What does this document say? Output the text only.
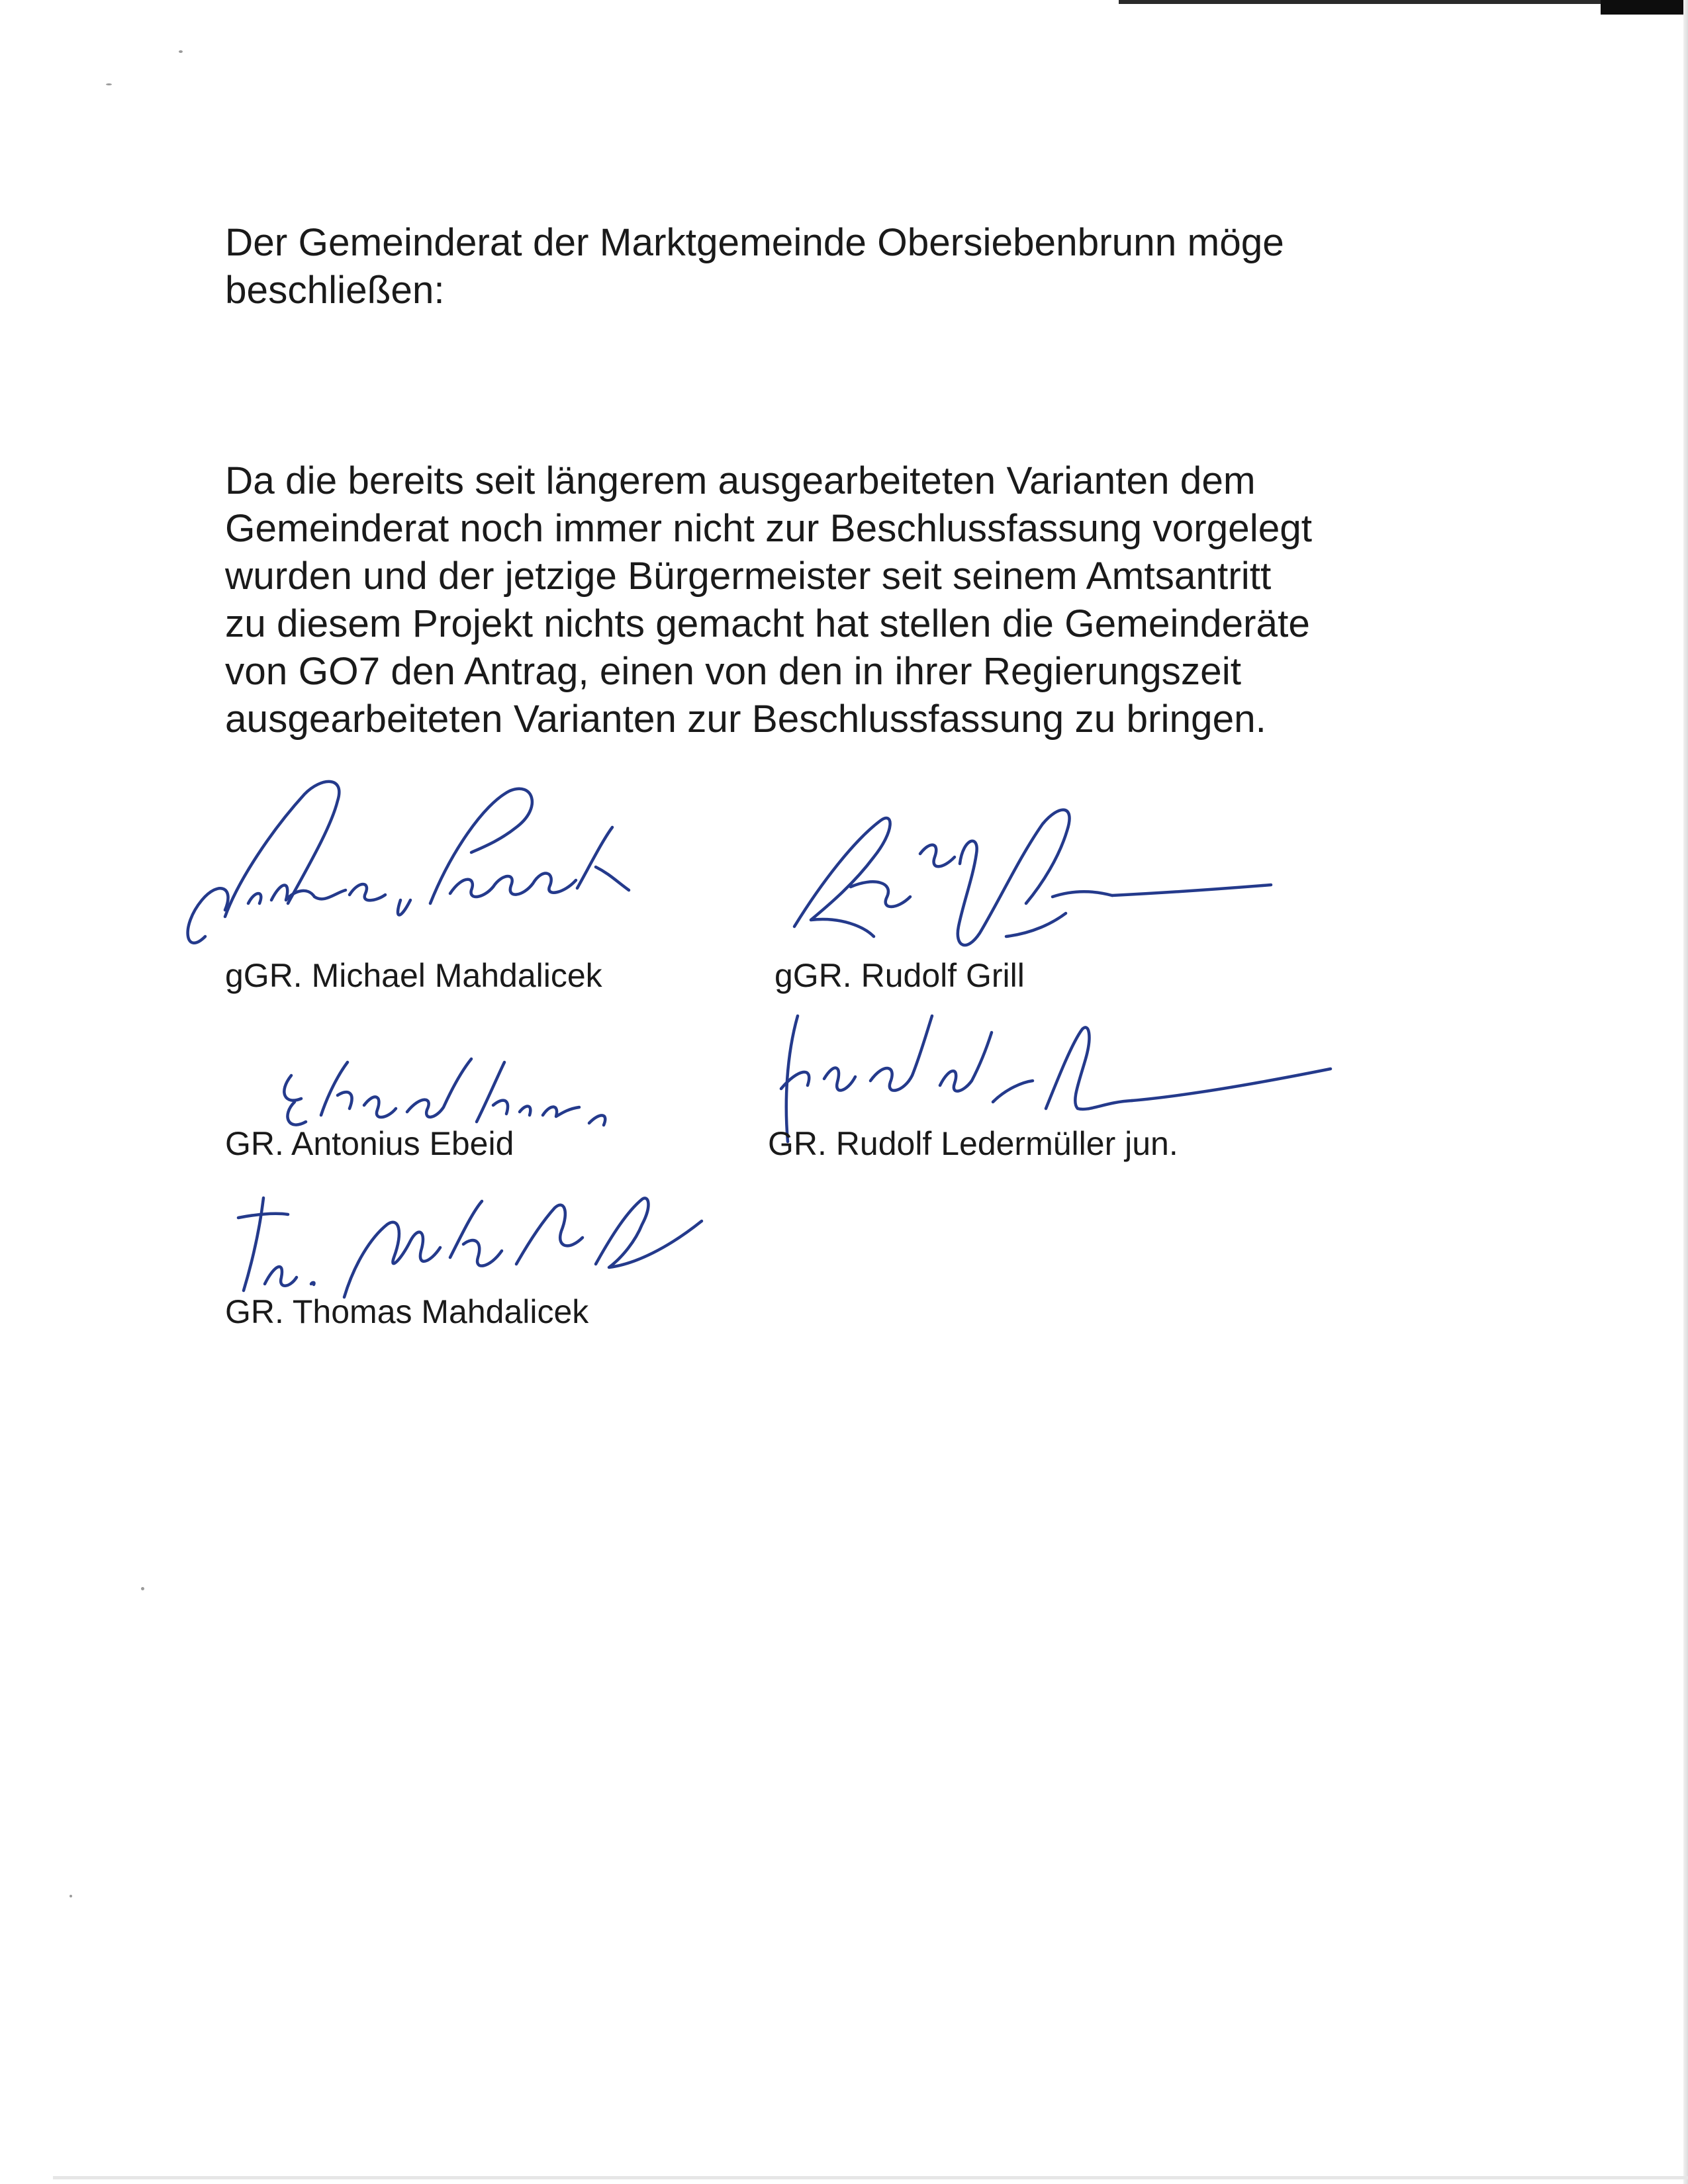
Der Gemeinderat der Marktgemeinde Obersiebenbrunn möge
beschließen:

Da die bereits seit längerem ausgearbeiteten Varianten dem
Gemeinderat noch immer nicht zur Beschlussfassung vorgelegt
wurden und der jetzige Bürgermeister seit seinem Amtsantritt
zu diesem Projekt nichts gemacht hat stellen die Gemeinderäte
von GO7 den Antrag, einen von den in ihrer Regierungszeit
ausgearbeiteten Varianten zur Beschlussfassung zu bringen.

gGR. Michael Mahdalicek	gGR. Rudolf Grill
GR. Antonius Ebeid	GR. Rudolf Ledermüller jun.
GR. Thomas Mahdalicek
